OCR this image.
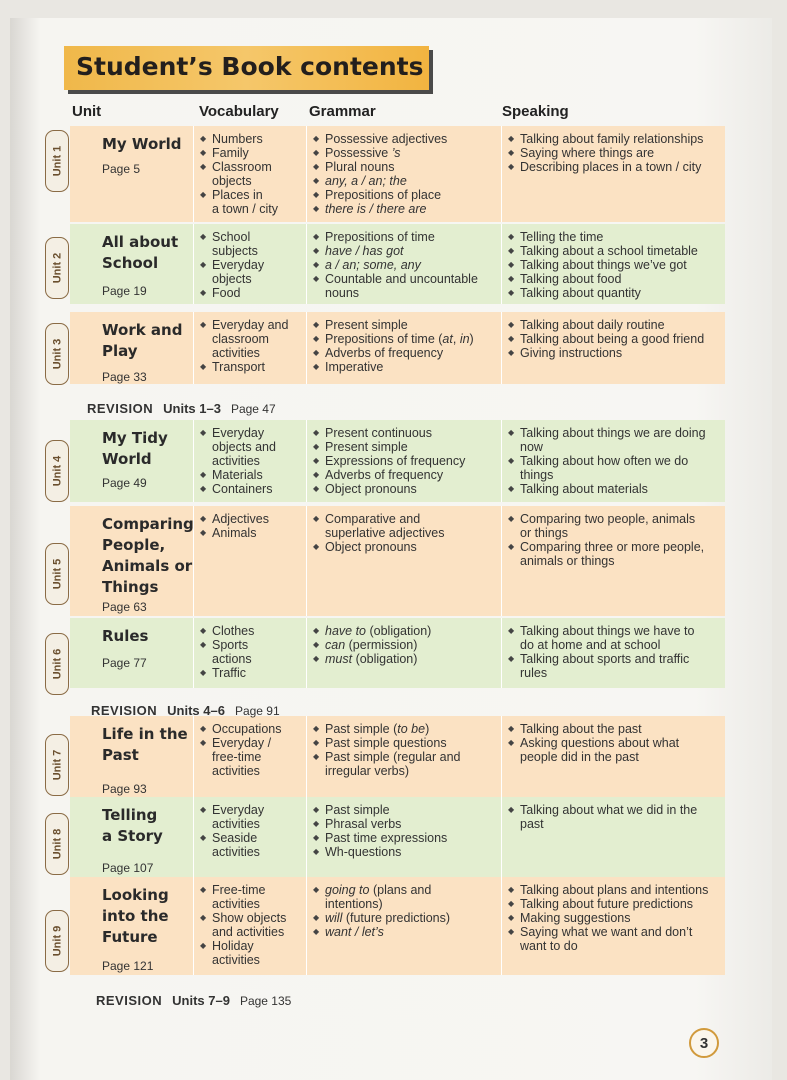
Student’s Book contents
Unit	Vocabulary Grammar	Speaking
My World
Page 5
◆ Numbers
◆ Family
◆ Classroom
objects
◆ Places in
a town / city
◆ Possessive adjectives
◆ Possessive ’s
◆ Plural nouns
◆ any, a / an; the
◆ Prepositions of place
◆ there is / there are
◆ Talking about family relationships
◆ Saying where things are
◆ Describing places in a town / city
Unit 1
All about
School
Page 19
◆ School
subjects
◆ Everyday
objects
◆ Food
◆ Prepositions of time
◆ have / has got
◆ a / an; some, any
◆ Countable and uncountable
nouns
◆ Telling the time
◆ Talking about a school timetable
◆ Talking about things we’ve got
◆ Talking about food
◆ Talking about quantity
Unit 2
Work and
Play
Page 33
◆ Everyday and
classroom
activities
◆ Transport
◆ Present simple
◆ Prepositions of time (at, in)
◆ Adverbs of frequency
◆ Imperative
◆ Talking about daily routine
◆ Talking about being a good friend
◆ Giving instructions
Unit 3
My Tidy
World
Page 49
◆ Everyday
objects and
activities
◆ Materials
◆ Containers
◆ Present continuous
◆ Present simple
◆ Expressions of frequency
◆ Adverbs of frequency
◆ Object pronouns
◆ Talking about things we are doing
now
◆ Talking about how often we do
things
◆ Talking about materials
Unit 4
Comparing
People,
Animals or
Things
Page 63
◆ Adjectives
◆ Animals
◆ Comparative and
superlative adjectives
◆ Object pronouns
◆ Comparing two people, animals
or things
◆ Comparing three or more people,
animals or things
Unit 5
Rules
Page 77
◆ Clothes
◆ Sports
actions
◆ Traffic
◆ have to (obligation)
◆ can (permission)
◆ must (obligation)
◆ Talking about things we have to
do at home and at school
◆ Talking about sports and traffic
rules
Unit 6
Life in the
Past
Page 93
◆ Occupations
◆ Everyday /
free-time
activities
◆ Past simple (to be)
◆ Past simple questions
◆ Past simple (regular and
irregular verbs)
◆ Talking about the past
◆ Asking questions about what
people did in the past
Unit 7
Telling
a Story
Page 107
◆ Everyday
activities
◆ Seaside
activities
◆ Past simple
◆ Phrasal verbs
◆ Past time expressions
◆ Wh-questions
◆ Talking about what we did in the
past
Unit 8
Looking
into the
Future
Page 121
◆ Free-time
activities
◆ Show objects
and activities
◆ Holiday
activities
◆ going to (plans and
intentions)
◆ will (future predictions)
◆ want / let’s
◆ Talking about plans and intentions
◆ Talking about future predictions
◆ Making suggestions
◆ Saying what we want and don’t
want to do
Unit 9
REVISION Units 1–3 Page 47
REVISION Units 4–6 Page 91
REVISION Units 7–9 Page 135
3
